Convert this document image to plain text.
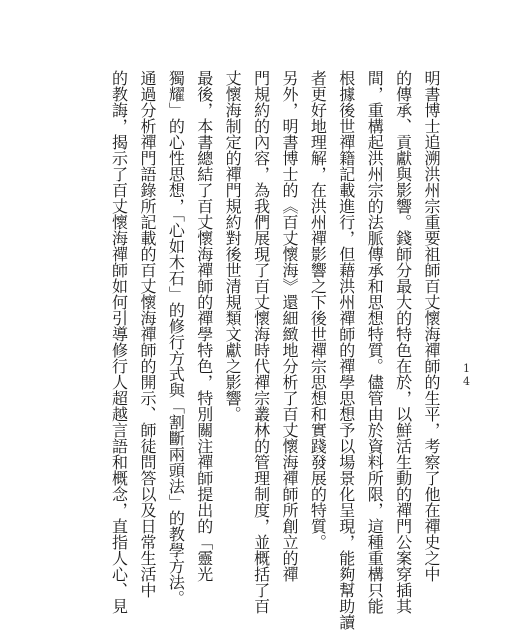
明書博士追溯洪州宗重要祖師百丈懷海禪師的生平，考察了他在禪史之中

的傳承、貢獻與影響。錢師分最大的特色在於，以鮮活生動的禪門公案穿插其

間，重構起洪州宗的法脈傳承和思想特質。儘管由於資料所限，這種重構只能

根據後世禪籍記載進行，但藉洪州禪師的禪學思想予以場景化呈現，能夠幫助讀

者更好地理解，在洪州禪影響之下後世禪宗思想和實踐發展的特質。

另外，明書博士的《百丈懷海》還細緻地分析了百丈懷海禪師所創立的禪

門規約的內容，為我們展現了百丈懷海時代禪宗叢林的管理制度，並概括了百

丈懷海制定的禪門規約對後世清規類文獻之影響。

最後，本書總結了百丈懷海禪師的禪學特色，特別關注禪師提出的「靈光

獨耀」的心性思想，「心如木石」的修行方式與「割斷兩頭法」的教學方法。

通過分析禪門語錄所記載的百丈懷海禪師的開示、師徒問答以及日常生活中

的教誨，揭示了百丈懷海禪師如何引導修行人超越言語和概念，直指人心、見	14
